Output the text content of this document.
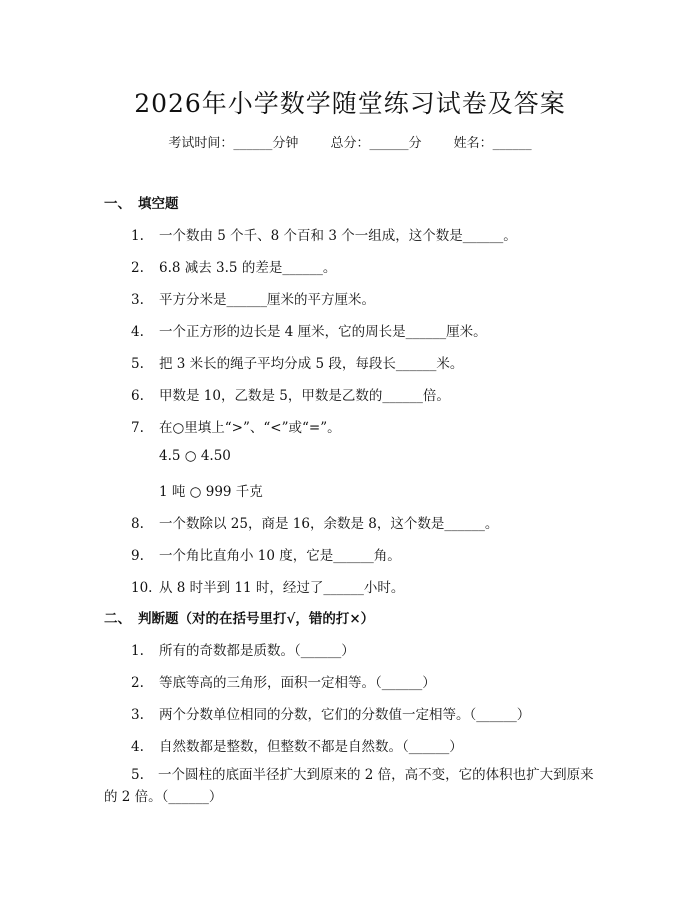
2026年小学数学随堂练习试卷及答案
考试时间：______分钟 总分：______分 姓名：______
一、 填空题
1. 一个数由 5 个千、8 个百和 3 个一组成，这个数是______。
2. 6.8 减去 3.5 的差是______。
3. 平方分米是______厘米的平方厘米。
4. 一个正方形的边长是 4 厘米，它的周长是______厘米。
5. 把 3 米长的绳子平均分成 5 段，每段长______米。
6. 甲数是 10，乙数是 5，甲数是乙数的______倍。
7. 在○里填上“>”、“<”或“=”。
4.5 ○ 4.50
1 吨 ○ 999 千克
8. 一个数除以 25，商是 16，余数是 8，这个数是______。
9. 一个角比直角小 10 度，它是______角。
10. 从 8 时半到 11 时，经过了______小时。
二、 判断题（对的在括号里打√，错的打×）
1. 所有的奇数都是质数。（______）
2. 等底等高的三角形，面积一定相等。（______）
3. 两个分数单位相同的分数，它们的分数值一定相等。（______）
4. 自然数都是整数，但整数不都是自然数。（______）
5. 一个圆柱的底面半径扩大到原来的 2 倍，高不变，它的体积也扩大到原来的 2 倍。（______）
